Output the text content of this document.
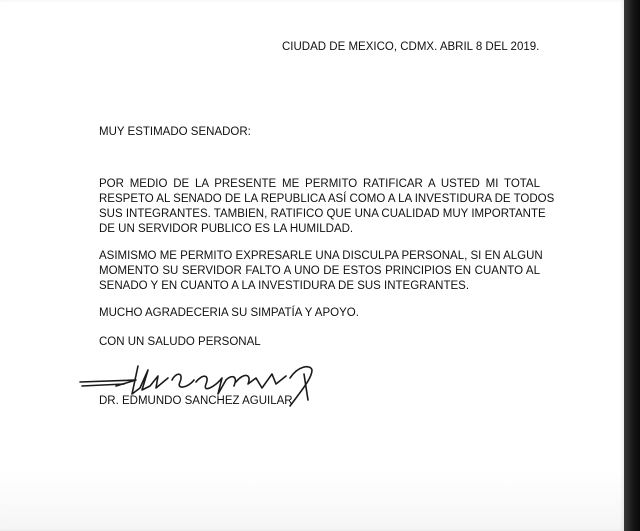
CIUDAD DE MEXICO, CDMX. ABRIL 8 DEL 2019.

MUY ESTIMADO SENADOR:

POR MEDIO DE LA PRESENTE ME PERMITO RATIFICAR A USTED MI TOTAL
RESPETO AL SENADO DE LA REPUBLICA ASÍ COMO A LA INVESTIDURA DE TODOS
SUS INTEGRANTES. TAMBIEN, RATIFICO QUE UNA CUALIDAD MUY IMPORTANTE
DE UN SERVIDOR PUBLICO ES LA HUMILDAD.
ASIMISMO ME PERMITO EXPRESARLE UNA DISCULPA PERSONAL, SI EN ALGUN
MOMENTO SU SERVIDOR FALTO A UNO DE ESTOS PRINCIPIOS EN CUANTO AL
SENADO Y EN CUANTO A LA INVESTIDURA DE SUS INTEGRANTES.

MUCHO AGRADECERIA SU SIMPATÍA Y APOYO.

CON UN SALUDO PERSONAL

DR. EDMUNDO SANCHEZ AGUILAR
